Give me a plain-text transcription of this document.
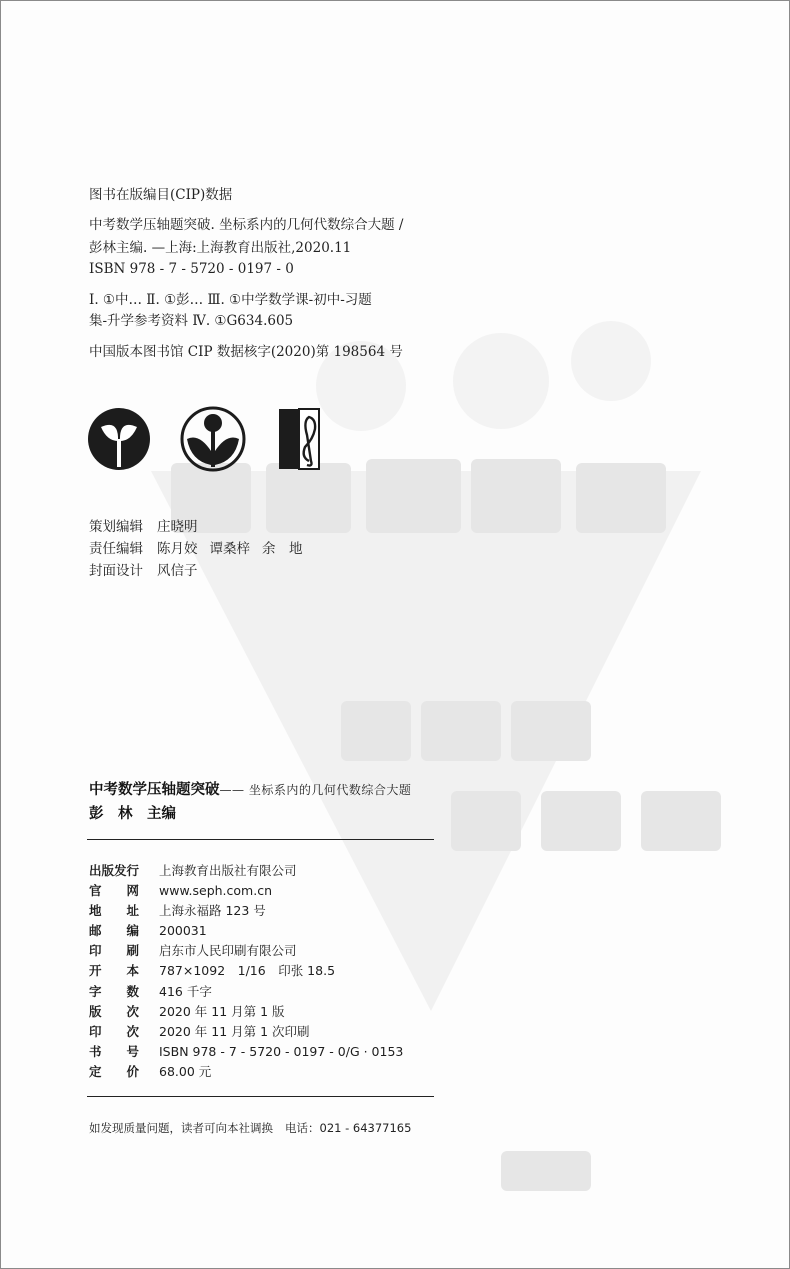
图书在版编目(CIP)数据
中考数学压轴题突破. 坐标系内的几何代数综合大题 /
彭林主编. —上海:上海教育出版社,2020.11
ISBN 978 - 7 - 5720 - 0197 - 0
Ⅰ. ①中… Ⅱ. ①彭… Ⅲ. ①中学数学课-初中-习题
集-升学参考资料 Ⅳ. ①G634.605
中国版本图书馆 CIP 数据核字(2020)第 198564 号
策划编辑 庄晓明
责任编辑 陈月姣 谭桑梓 余　地
封面设计 风信子
中考数学压轴题突破—— 坐标系内的几何代数综合大题
彭　林　主编
出版发行 上海教育出版社有限公司
官　　网 www.seph.com.cn
地　　址 上海永福路 123 号
邮　　编 200031
印　　刷 启东市人民印刷有限公司
开　　本 787×1092　1/16　印张 18.5
字　　数 416 千字
版　　次 2020 年 11 月第 1 版
印　　次 2020 年 11 月第 1 次印刷
书　　号 ISBN 978 - 7 - 5720 - 0197 - 0/G · 0153
定　　价 68.00 元
如发现质量问题，读者可向本社调换 电话：021 - 64377165
